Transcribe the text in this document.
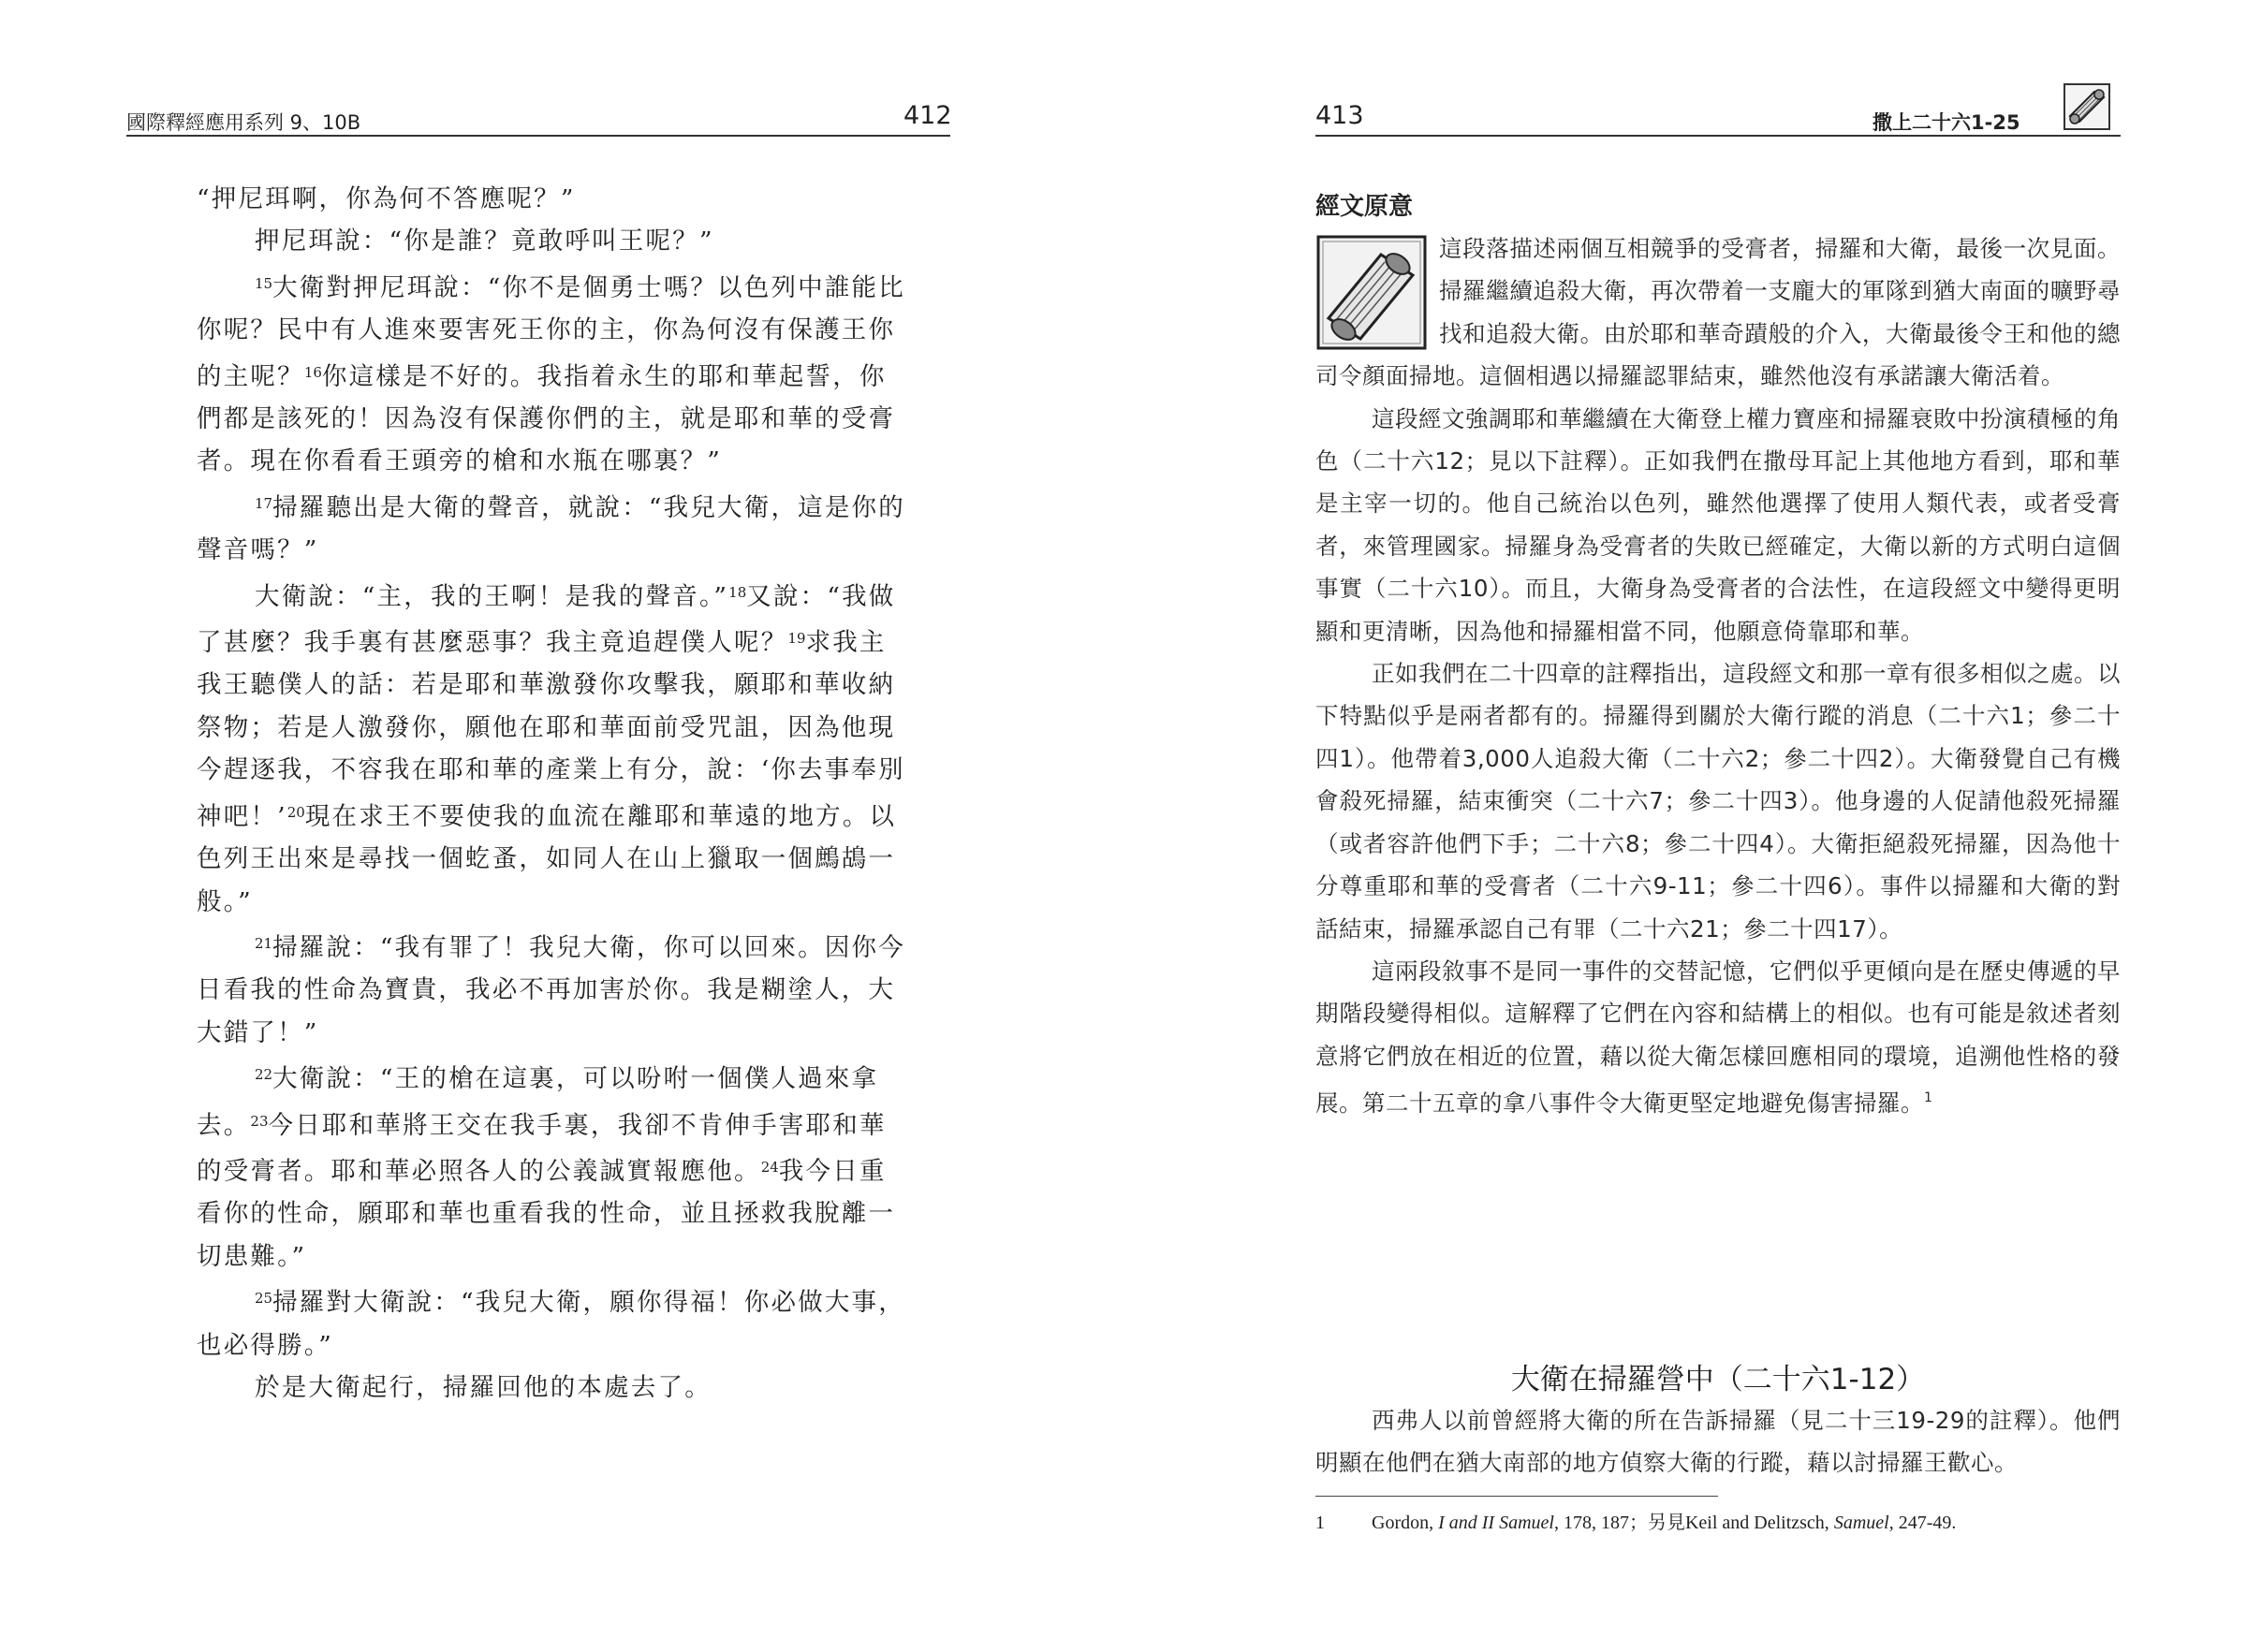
國際釋經應用系列 9、10B	412

“押尼珥啊，你為何不答應呢？”

押尼珥說：“你是誰？竟敢呼叫王呢？”

$^{15}$大衛對押尼珥說：“你不是個勇士嗎？以色列中誰能比你呢？民中有人進來要害死王你的主，你為何沒有保護王你的主呢？$^{16}$你這樣是不好的。我指着永生的耶和華起誓，你們都是該死的！因為沒有保護你們的主，就是耶和華的受膏者。現在你看看王頭旁的槍和水瓶在哪裏？”

$^{17}$掃羅聽出是大衛的聲音，就說：“我兒大衛，這是你的聲音嗎？”

大衛說：“主，我的王啊！是我的聲音。”$^{18}$又說：“我做了甚麼？我手裏有甚麼惡事？我主竟追趕僕人呢？$^{19}$求我主我王聽僕人的話：若是耶和華激發你攻擊我，願耶和華收納祭物；若是人激發你，願他在耶和華面前受咒詛，因為他現今趕逐我，不容我在耶和華的產業上有分，說：‘你去事奉別神吧！’$^{20}$現在求王不要使我的血流在離耶和華遠的地方。以色列王出來是尋找一個虼蚤，如同人在山上獵取一個鷓鴣一般。”

$^{21}$掃羅說：“我有罪了！我兒大衛，你可以回來。因你今日看我的性命為寶貴，我必不再加害於你。我是糊塗人，大大錯了！”

$^{22}$大衛說：“王的槍在這裏，可以吩咐一個僕人過來拿去。$^{23}$今日耶和華將王交在我手裏，我卻不肯伸手害耶和華的受膏者。耶和華必照各人的公義誠實報應他。$^{24}$我今日重看你的性命，願耶和華也重看我的性命，並且拯救我脫離一切患難。”

$^{25}$掃羅對大衛說：“我兒大衛，願你得福！你必做大事，也必得勝。”

於是大衛起行，掃羅回他的本處去了。

413	撒上二十六1-25
經文原意

這段落描述兩個互相競爭的受膏者，掃羅和大衛，最後一次見面。掃羅繼續追殺大衛，再次帶着一支龐大的軍隊到猶大南面的曠野尋找和追殺大衛。由於耶和華奇蹟般的介入，大衛最後令王和他的總司令顏面掃地。這個相遇以掃羅認罪結束，雖然他沒有承諾讓大衛活着。

這段經文強調耶和華繼續在大衛登上權力寶座和掃羅衰敗中扮演積極的角色（二十六12；見以下註釋）。正如我們在撒母耳記上其他地方看到，耶和華是主宰一切的。他自己統治以色列，雖然他選擇了使用人類代表，或者受膏者，來管理國家。掃羅身為受膏者的失敗已經確定，大衛以新的方式明白這個事實（二十六10）。而且，大衛身為受膏者的合法性，在這段經文中變得更明顯和更清晰，因為他和掃羅相當不同，他願意倚靠耶和華。

正如我們在二十四章的註釋指出，這段經文和那一章有很多相似之處。以下特點似乎是兩者都有的。掃羅得到關於大衛行蹤的消息（二十六1；參二十四1）。他帶着3,000人追殺大衛（二十六2；參二十四2）。大衛發覺自己有機會殺死掃羅，結束衝突（二十六7；參二十四3）。他身邊的人促請他殺死掃羅（或者容許他們下手；二十六8；參二十四4）。大衛拒絕殺死掃羅，因為他十分尊重耶和華的受膏者（二十六9-11；參二十四6）。事件以掃羅和大衛的對話結束，掃羅承認自己有罪（二十六21；參二十四17）。

這兩段敘事不是同一事件的交替記憶，它們似乎更傾向是在歷史傳遞的早期階段變得相似。這解釋了它們在內容和結構上的相似。也有可能是敘述者刻意將它們放在相近的位置，藉以從大衛怎樣回應相同的環境，追溯他性格的發展。第二十五章的拿八事件令大衛更堅定地避免傷害掃羅。$^1$

大衛在掃羅營中（二十六1-12）

西弗人以前曾經將大衛的所在告訴掃羅（見二十三19-29的註釋）。他們明顯在他們在猶大南部的地方偵察大衛的行蹤，藉以討掃羅王歡心。

1	Gordon, I and II Samuel, 178, 187；另見Keil and Delitzsch, Samuel, 247-49.
